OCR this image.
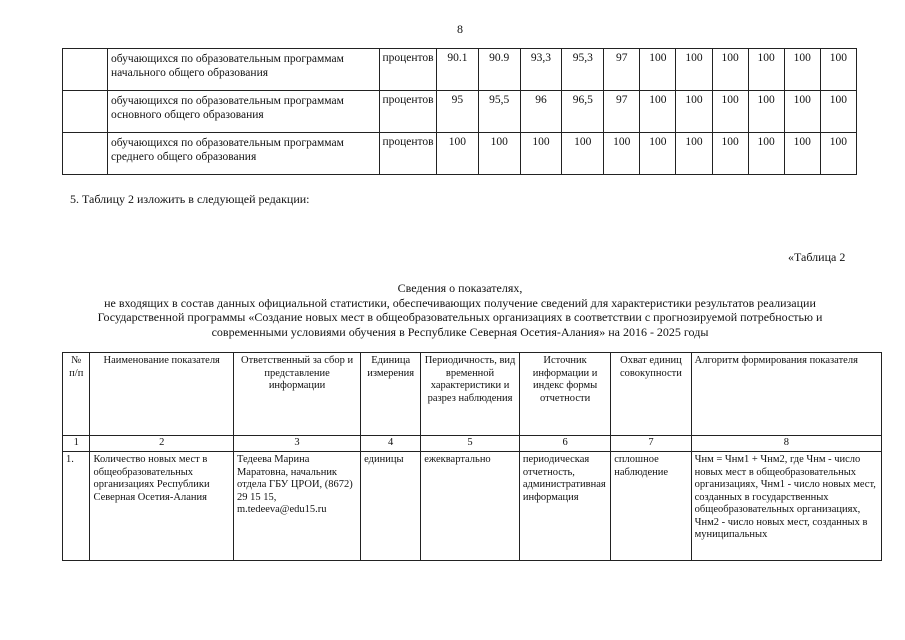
8
	обучающихся по образовательным программам начального общего образования	процентов	90.1	90.9	93,3	95,3	97	100	100	100	100	100	100
	обучающихся по образовательным программам основного общего образования	процентов	95	95,5	96	96,5	97	100	100	100	100	100	100
	обучающихся по образовательным программам среднего общего образования	процентов	100	100	100	100	100	100	100	100	100	100	100
5. Таблицу 2 изложить в следующей редакции:
«Таблица 2
Сведения о показателях,
не входящих в состав данных официальной статистики, обеспечивающих получение сведений для характеристики результатов реализации
Государственной программы «Создание новых мест в общеобразовательных организациях в соответствии с прогнозируемой потребностью и
современными условиями обучения в Республике Северная Осетия-Алания» на 2016 - 2025 годы
№ п/п	Наименование показателя	Ответственный за сбор и представление информации	Единица измерения	Периодичность, вид временной характеристики и разрез наблюдения	Источник информации и индекс формы отчетности	Охват единиц совокупности	Алгоритм формирования показателя
1	2	3	4	5	6	7	8
1.	Количество новых мест в общеобразовательных организациях Республики Северная Осетия-Алания	Тедеева Марина Маратовна, начальник отдела ГБУ ЦРОИ, (8672) 29 15 15, m.tedeeva@edu15.ru	единицы	ежеквартально	периодическая отчетность, административная информация	сплошное наблюдение	Чнм = Чнм1 + Чнм2, где Чнм - число новых мест в общеобразовательных организациях, Чнм1 - число новых мест, созданных в государственных общеобразовательных организациях, Чнм2 - число новых мест, созданных в муниципальных
